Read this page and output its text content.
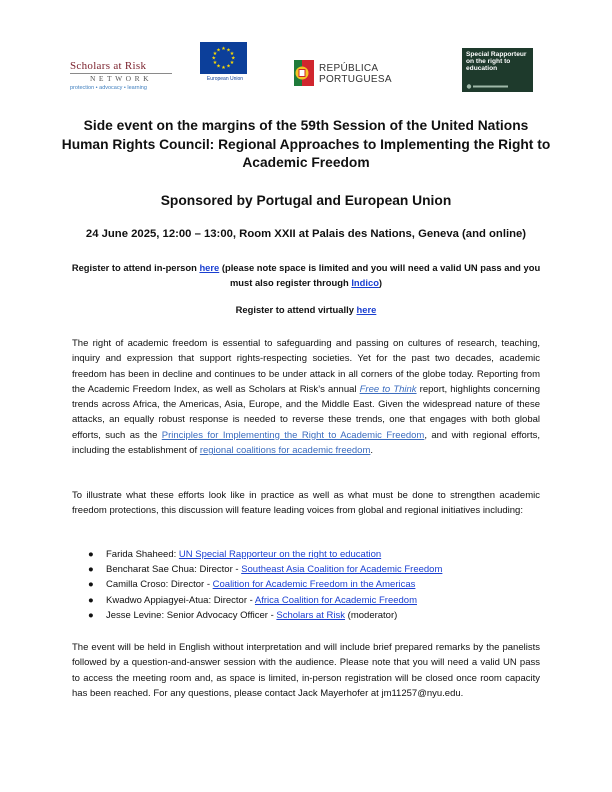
Scholars at Risk
NETWORK
protection • advocacy • learning
★ ★
★
★
★
★
★
★
★
★
★
★
European Union
REPÚBLICA
PORTUGUESA
Special Rapporteur on the right to education
Side event on the margins of the 59th Session of the United Nations Human Rights Council: Regional Approaches to Implementing the Right to Academic Freedom
Sponsored by Portugal and European Union
24 June 2025, 12:00 – 13:00, Room XXII at Palais des Nations, Geneva (and online)
Register to attend in-person here (please note space is limited and you will need a valid UN pass and you must also register through Indico)
Register to attend virtually here
The right of academic freedom is essential to safeguarding and passing on cultures of research, teaching, inquiry and expression that support rights-respecting societies. Yet for the past two decades, academic freedom has been in decline and continues to be under attack in all corners of the globe today. Reporting from the Academic Freedom Index, as well as Scholars at Risk’s annual Free to Think report, highlights concerning trends across Africa, the Americas, Asia, Europe, and the Middle East. Given the widespread nature of these attacks, an equally robust response is needed to reverse these trends, one that engages with both global efforts, such as the Principles for Implementing the Right to Academic Freedom, and with regional efforts, including the establishment of regional coalitions for academic freedom.
To illustrate what these efforts look like in practice as well as what must be done to strengthen academic freedom protections, this discussion will feature leading voices from global and regional initiatives including:
● Farida Shaheed: UN Special Rapporteur on the right to education
● Bencharat Sae Chua: Director - Southeast Asia Coalition for Academic Freedom
● Camilla Croso: Director - Coalition for Academic Freedom in the Americas
● Kwadwo Appiagyei-Atua: Director - Africa Coalition for Academic Freedom
● Jesse Levine: Senior Advocacy Officer - Scholars at Risk (moderator)
The event will be held in English without interpretation and will include brief prepared remarks by the panelists followed by a question-and-answer session with the audience. Please note that you will need a valid UN pass to access the meeting room and, as space is limited, in-person registration will be closed once room capacity has been reached. For any questions, please contact Jack Mayerhofer at jm11257@nyu.edu.
